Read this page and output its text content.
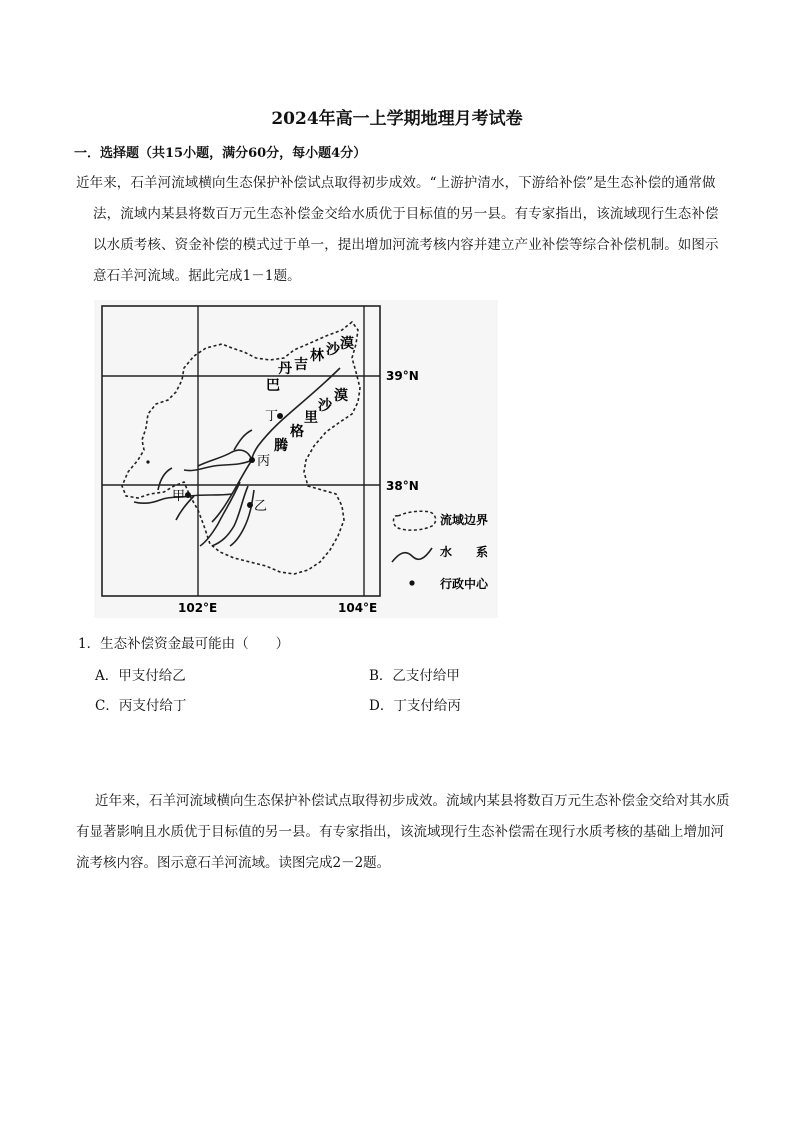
2024年高一上学期地理月考试卷
一．选择题（共15小题，满分60分，每小题4分）
近年来，石羊河流域横向生态保护补偿试点取得初步成效。“上游护清水，下游给补偿”是生态补偿的通常做法，流域内某县将数百万元生态补偿金交给水质优于目标值的另一县。有专家指出，该流域现行生态补偿以水质考核、资金补偿的模式过于单一，提出增加河流考核内容并建立产业补偿等综合补偿机制。如图示意石羊河流域。据此完成1－1题。
甲
乙
丙
丁
巴
丹 吉
林 沙 漠
腾
格
里
沙
漠
39°N
38°N
102°E	104°E
流域边界
水　　系
行政中心
1．生态补偿资金最可能由（　　）
A．甲支付给乙	B．乙支付给甲
C．丙支付给丁	D．丁支付给丙
近年来，石羊河流域横向生态保护补偿试点取得初步成效。流域内某县将数百万元生态补偿金交给对其水质有显著影响且水质优于目标值的另一县。有专家指出，该流域现行生态补偿需在现行水质考核的基础上增加河流考核内容。图示意石羊河流域。读图完成2－2题。
